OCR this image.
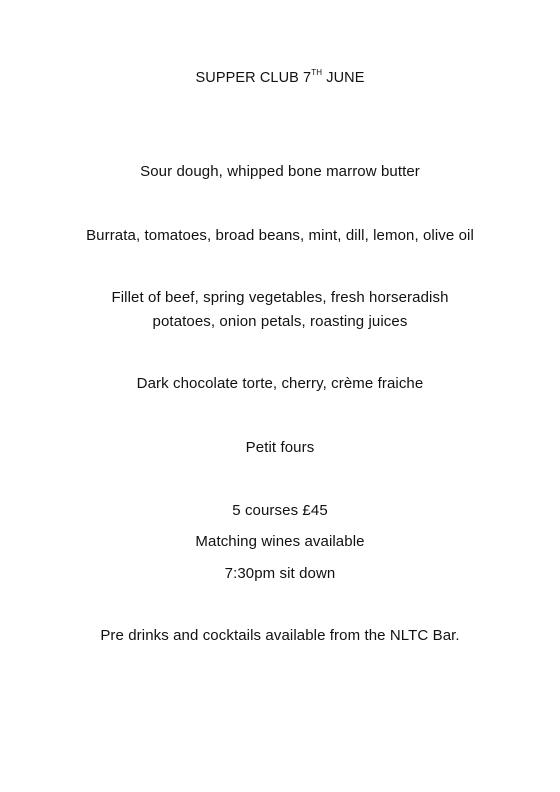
SUPPER CLUB 7TH JUNE
Sour dough, whipped bone marrow butter
Burrata, tomatoes, broad beans, mint, dill, lemon, olive oil
Fillet of beef, spring vegetables, fresh horseradish
potatoes, onion petals, roasting juices
Dark chocolate torte, cherry, crème fraiche
Petit fours
5 courses £45
Matching wines available
7:30pm sit down
Pre drinks and cocktails available from the NLTC Bar.
